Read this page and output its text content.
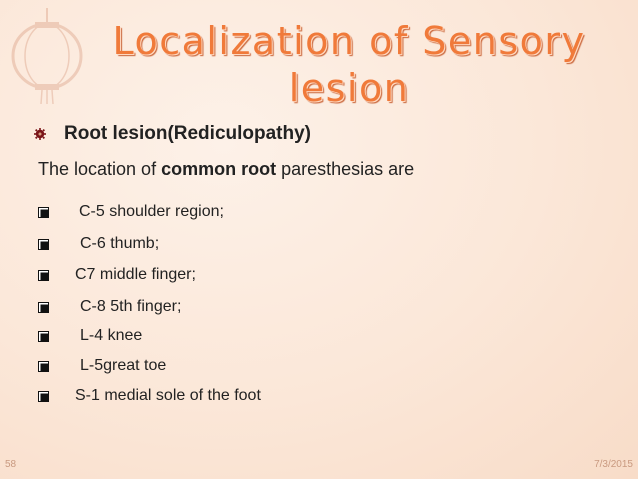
Localization of Sensory
lesion
Root lesion(Rediculopathy)
The location of common root paresthesias are
C-5 shoulder region;
C-6 thumb;
C7 middle finger;
C-8 5th finger;
L-4 knee
L-5great toe
S-1 medial sole of the foot
58	7/3/2015
